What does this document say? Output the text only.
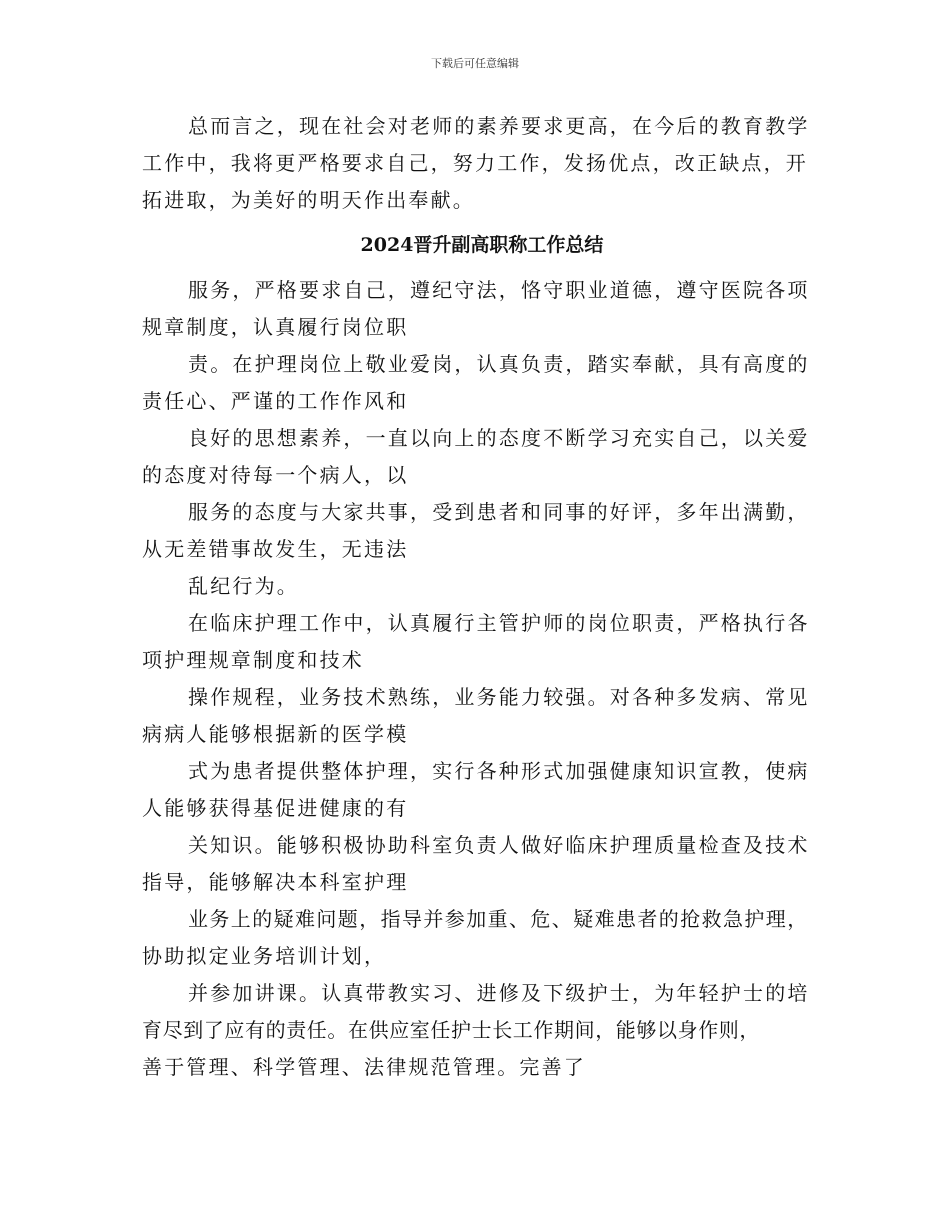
下载后可任意编辑
总而言之，现在社会对老师的素养要求更高，在今后的教育教学
工作中，我将更严格要求自己，努力工作，发扬优点，改正缺点，开
拓进取，为美好的明天作出奉献。
2024晋升副高职称工作总结
服务，严格要求自己，遵纪守法，恪守职业道德，遵守医院各项
规章制度，认真履行岗位职
责。在护理岗位上敬业爱岗，认真负责，踏实奉献，具有高度的
责任心、严谨的工作作风和
良好的思想素养，一直以向上的态度不断学习充实自己，以关爱
的态度对待每一个病人，以
服务的态度与大家共事，受到患者和同事的好评，多年出满勤，
从无差错事故发生，无违法
乱纪行为。
在临床护理工作中，认真履行主管护师的岗位职责，严格执行各
项护理规章制度和技术
操作规程，业务技术熟练，业务能力较强。对各种多发病、常见
病病人能够根据新的医学模
式为患者提供整体护理，实行各种形式加强健康知识宣教，使病
人能够获得基促进健康的有
关知识。能够积极协助科室负责人做好临床护理质量检查及技术
指导，能够解决本科室护理
业务上的疑难问题，指导并参加重、危、疑难患者的抢救急护理，
协助拟定业务培训计划，
并参加讲课。认真带教实习、进修及下级护士，为年轻护士的培
育尽到了应有的责任。在供应室任护士长工作期间，能够以身作则，
善于管理、科学管理、法律规范管理。完善了
